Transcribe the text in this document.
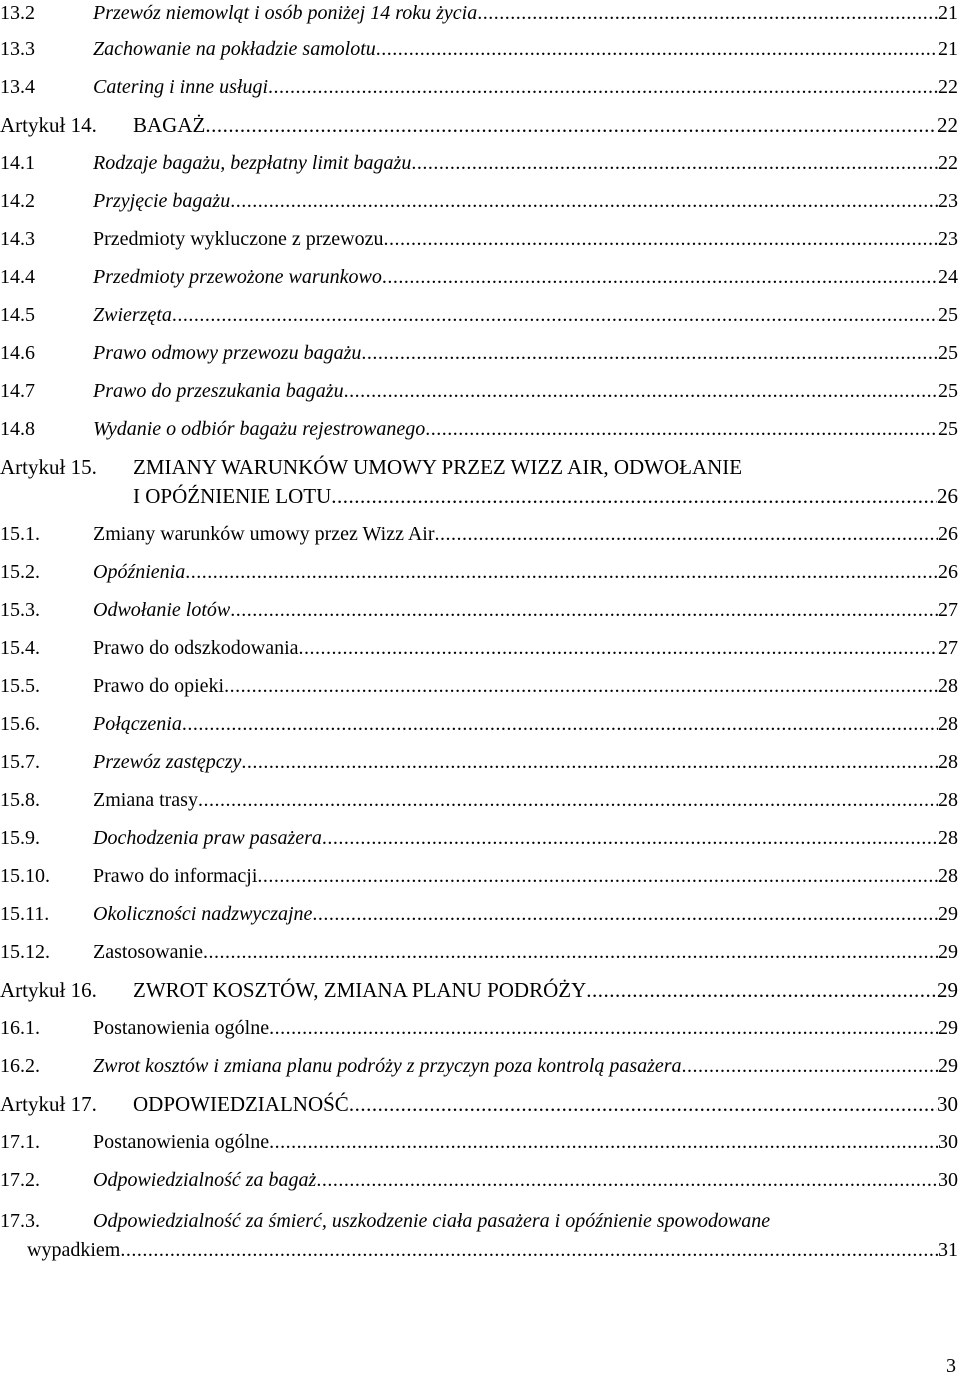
13.2	Przewóz niemowląt i osób poniżej 14 roku życia .....	21
13.3	Zachowanie na pokładzie samolotu .....	21
13.4	Catering i inne usługi .....	22
Artykuł 14.	BAGAŻ .....	22
14.1	Rodzaje bagażu, bezpłatny limit bagażu .....	22
14.2	Przyjęcie bagażu .....	23
14.3	Przedmioty wykluczone z przewozu .....	23
14.4	Przedmioty przewożone warunkowo .....	24
14.5	Zwierzęta .....	25
14.6	Prawo odmowy przewozu bagażu .....	25
14.7	Prawo do przeszukania bagażu .....	25
14.8	Wydanie o odbiór bagażu rejestrowanego .....	25
Artykuł 15. ZMIANY WARUNKÓW UMOWY PRZEZ WIZZ AIR, ODWOŁANIE
I OPÓŹNIENIE LOTU .....	26
15.1.	Zmiany warunków umowy przez Wizz Air .....	26
15.2.	Opóźnienia .....	26
15.3.	Odwołanie lotów .....	27
15.4.	Prawo do odszkodowania .....	27
15.5.	Prawo do opieki .....	28
15.6.	Połączenia .....	28
15.7.	Przewóz zastępczy .....	28
15.8.	Zmiana trasy .....	28
15.9.	Dochodzenia praw pasażera .....	28
15.10.	Prawo do informacji .....	28
15.11.	Okoliczności nadzwyczajne .....	29
15.12.	Zastosowanie .....	29
Artykuł 16.	ZWROT KOSZTÓW, ZMIANA PLANU PODRÓŻY .....	29
16.1.	Postanowienia ogólne .....	29
16.2.	Zwrot kosztów i zmiana planu podróży z przyczyn poza kontrolą pasażera .....	29
Artykuł 17.	ODPOWIEDZIALNOŚĆ .....	30
17.1.	Postanowienia ogólne .....	30
17.2.	Odpowiedzialność za bagaż .....	30
17.3.	Odpowiedzialność za śmierć, uszkodzenie ciała pasażera i opóźnienie spowodowane
wypadkiem .....	31
3
